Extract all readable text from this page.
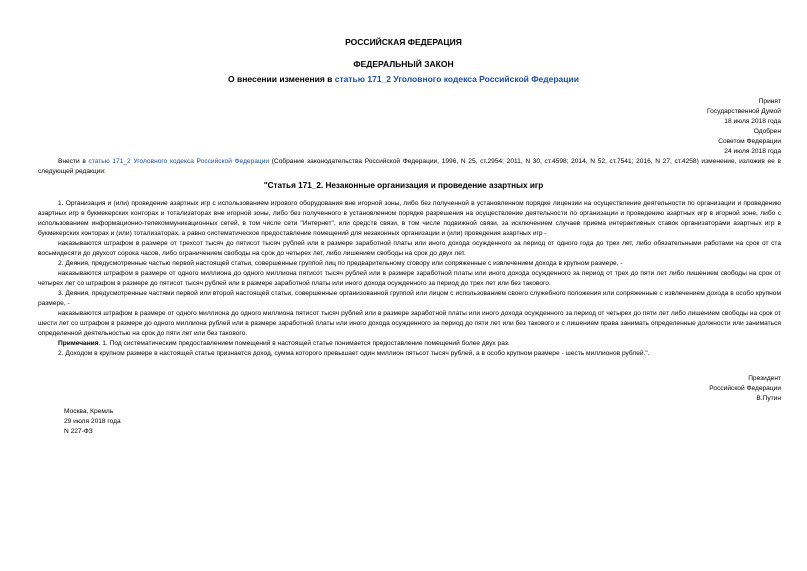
РОССИЙСКАЯ ФЕДЕРАЦИЯ
ФЕДЕРАЛЬНЫЙ ЗАКОН
О внесении изменения в статью 171_2 Уголовного кодекса Российской Федерации
Принят
Государственной Думой
18 июля 2018 года
Одобрен
Советом Федерации
24 июля 2018 года

Внести в статью 171_2 Уголовного кодекса Российской Федерации (Собрание законодательства Российской Федерации, 1996, N 25, ст.2954; 2011, N 30, ст.4598; 2014, N 52, ст.7541; 2016, N 27, ст.4258) изменение, изложив ее в следующей редакции:

"Статья 171_2. Незаконные организация и проведение азартных игр

1. Организация и (или) проведение азартных игр с использованием игрового оборудования вне игорной зоны, либо без полученной в установленном порядке лицензии на осуществление деятельности по организации и проведению азартных игр в букмекерских конторах и тотализаторах вне игорной зоны, либо без полученного в установленном порядке разрешения на осуществление деятельности по организации и проведению азартных игр в игорной зоне, либо с использованием информационно-телекоммуникационных сетей, в том числе сети "Интернет", или средств связи, в том числе подвижной связи, за исключением случаев приема интерактивных ставок организаторами азартных игр в букмекерских конторах и (или) тотализаторах, а равно систематическое предоставление помещений для незаконных организации и (или) проведения азартных игр -

наказываются штрафом в размере от трехсот тысяч до пятисот тысяч рублей или в размере заработной платы или иного дохода осужденного за период от одного года до трех лет, либо обязательными работами на срок от ста восьмидесяти до двухсот сорока часов, либо ограничением свободы на срок до четырех лет, либо лишением свободы на срок до двух лет.

2. Деяния, предусмотренные частью первой настоящей статьи, совершенные группой лиц по предварительному сговору или сопряженные с извлечением дохода в крупном размере, -

наказываются штрафом в размере от одного миллиона до одного миллиона пятисот тысяч рублей или в размере заработной платы или иного дохода осужденного за период от трех до пяти лет либо лишением свободы на срок от четырех лет со штрафом в размере до пятисот тысяч рублей или в размере заработной платы или иного дохода осужденного за период до трех лет или без такового.

3. Деяния, предусмотренные частями первой или второй настоящей статьи, совершенные организованной группой или лицом с использованием своего служебного положения или сопряженные с извлечением дохода в особо крупном размере, -

наказываются штрафом в размере от одного миллиона до одного миллиона пятисот тысяч рублей или в размере заработной платы или иного дохода осужденного за период от четырех до пяти лет либо лишением свободы на срок от шести лет со штрафом в размере до одного миллиона рублей или в размере заработной платы или иного дохода осужденного за период до пяти лет или без такового и с лишением права занимать определенные должности или заниматься определенной деятельностью на срок до пяти лет или без такового.

Примечания. 1. Под систематическим предоставлением помещений в настоящей статье понимается предоставление помещений более двух раз.

2. Доходом в крупном размере в настоящей статье признается доход, сумма которого превышает один миллион пятьсот тысяч рублей, а в особо крупном размере - шесть миллионов рублей.".

Президент
Российской Федерации
В.Путин
Москва, Кремль
29 июля 2018 года
N 227-ФЗ
